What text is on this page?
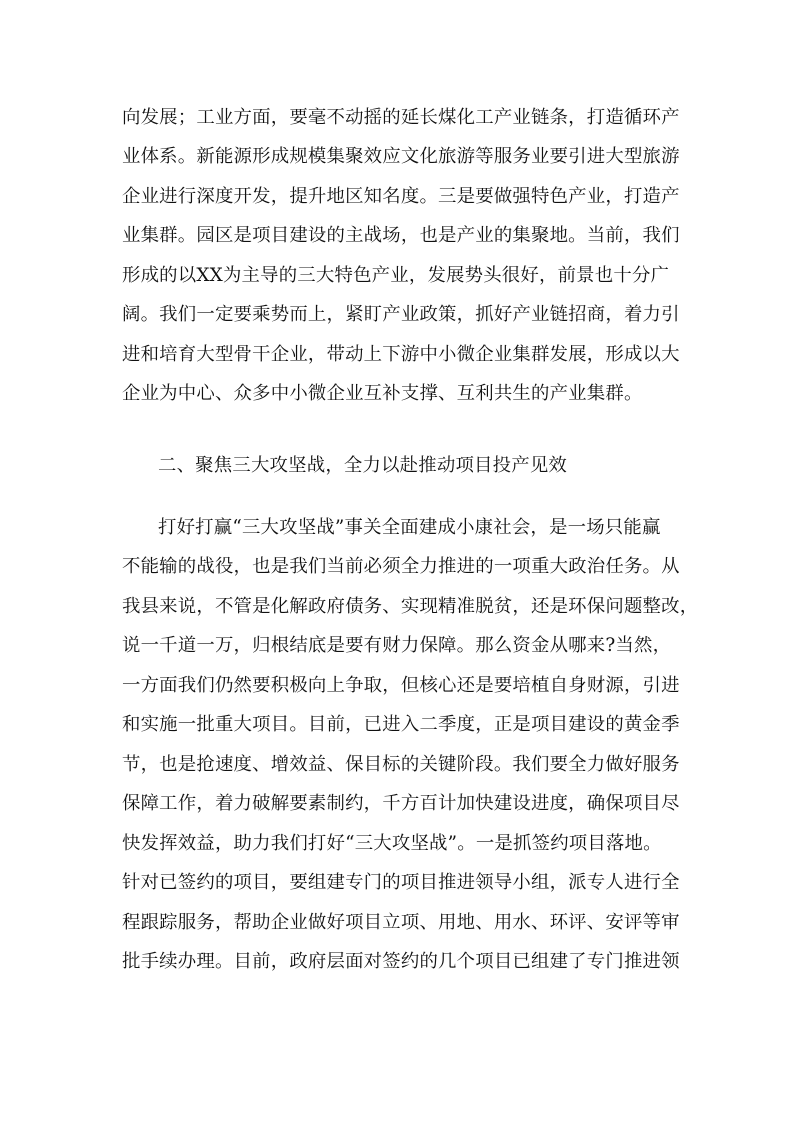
向发展；工业方面，要毫不动摇的延长煤化工产业链条，打造循环产
业体系。新能源形成规模集聚效应文化旅游等服务业要引进大型旅游
企业进行深度开发，提升地区知名度。三是要做强特色产业，打造产
业集群。园区是项目建设的主战场，也是产业的集聚地。当前，我们
形成的以XX为主导的三大特色产业，发展势头很好，前景也十分广
阔。我们一定要乘势而上，紧盯产业政策，抓好产业链招商，着力引
进和培育大型骨干企业，带动上下游中小微企业集群发展，形成以大
企业为中心、众多中小微企业互补支撑、互利共生的产业集群。
二、聚焦三大攻坚战，全力以赴推动项目投产见效
打好打赢“三大攻坚战”事关全面建成小康社会，是一场只能赢
不能输的战役，也是我们当前必须全力推进的一项重大政治任务。从
我县来说，不管是化解政府债务、实现精准脱贫，还是环保问题整改，
说一千道一万，归根结底是要有财力保障。那么资金从哪来?当然，
一方面我们仍然要积极向上争取，但核心还是要培植自身财源，引进
和实施一批重大项目。目前，已进入二季度，正是项目建设的黄金季
节，也是抢速度、增效益、保目标的关键阶段。我们要全力做好服务
保障工作，着力破解要素制约，千方百计加快建设进度，确保项目尽
快发挥效益，助力我们打好“三大攻坚战”。一是抓签约项目落地。
针对已签约的项目，要组建专门的项目推进领导小组，派专人进行全
程跟踪服务，帮助企业做好项目立项、用地、用水、环评、安评等审
批手续办理。目前，政府层面对签约的几个项目已组建了专门推进领
